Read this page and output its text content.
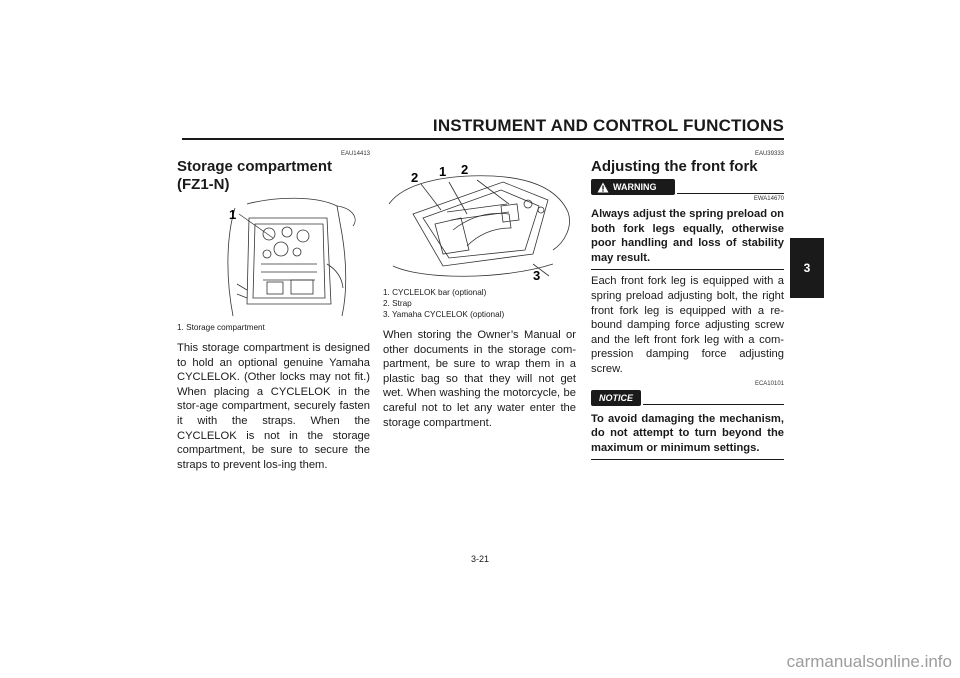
INSTRUMENT AND CONTROL FUNCTIONS
3
EAU14413
Storage compartment (FZ1-N)
1
1. Storage compartment

This storage compartment is designed to hold an optional genuine Yamaha CYCLELOK. (Other locks may not fit.) When placing a CYCLELOK in the stor-age compartment, securely fasten it with the straps. When the CYCLELOK is not in the storage compartment, be sure to secure the straps to prevent los-ing them.

2 1 2
3
1. CYCLELOK bar (optional)
2. Strap
3. Yamaha CYCLELOK (optional)

When storing the Owner’s Manual or other documents in the storage com-partment, be sure to wrap them in a plastic bag so that they will not get wet. When washing the motorcycle, be careful not to let any water enter the storage compartment.

EAU39333
Adjusting the front fork
WARNING
EWA14670
Always adjust the spring preload on both fork legs equally, otherwise poor handling and loss of stability may result.

Each front fork leg is equipped with a spring preload adjusting bolt, the right front fork leg is equipped with a re-bound damping force adjusting screw and the left front fork leg with a com-pression damping force adjusting screw.

ECA10101
NOTICE
To avoid damaging the mechanism, do not attempt to turn beyond the maximum or minimum settings.
3-21
carmanualsonline.info
